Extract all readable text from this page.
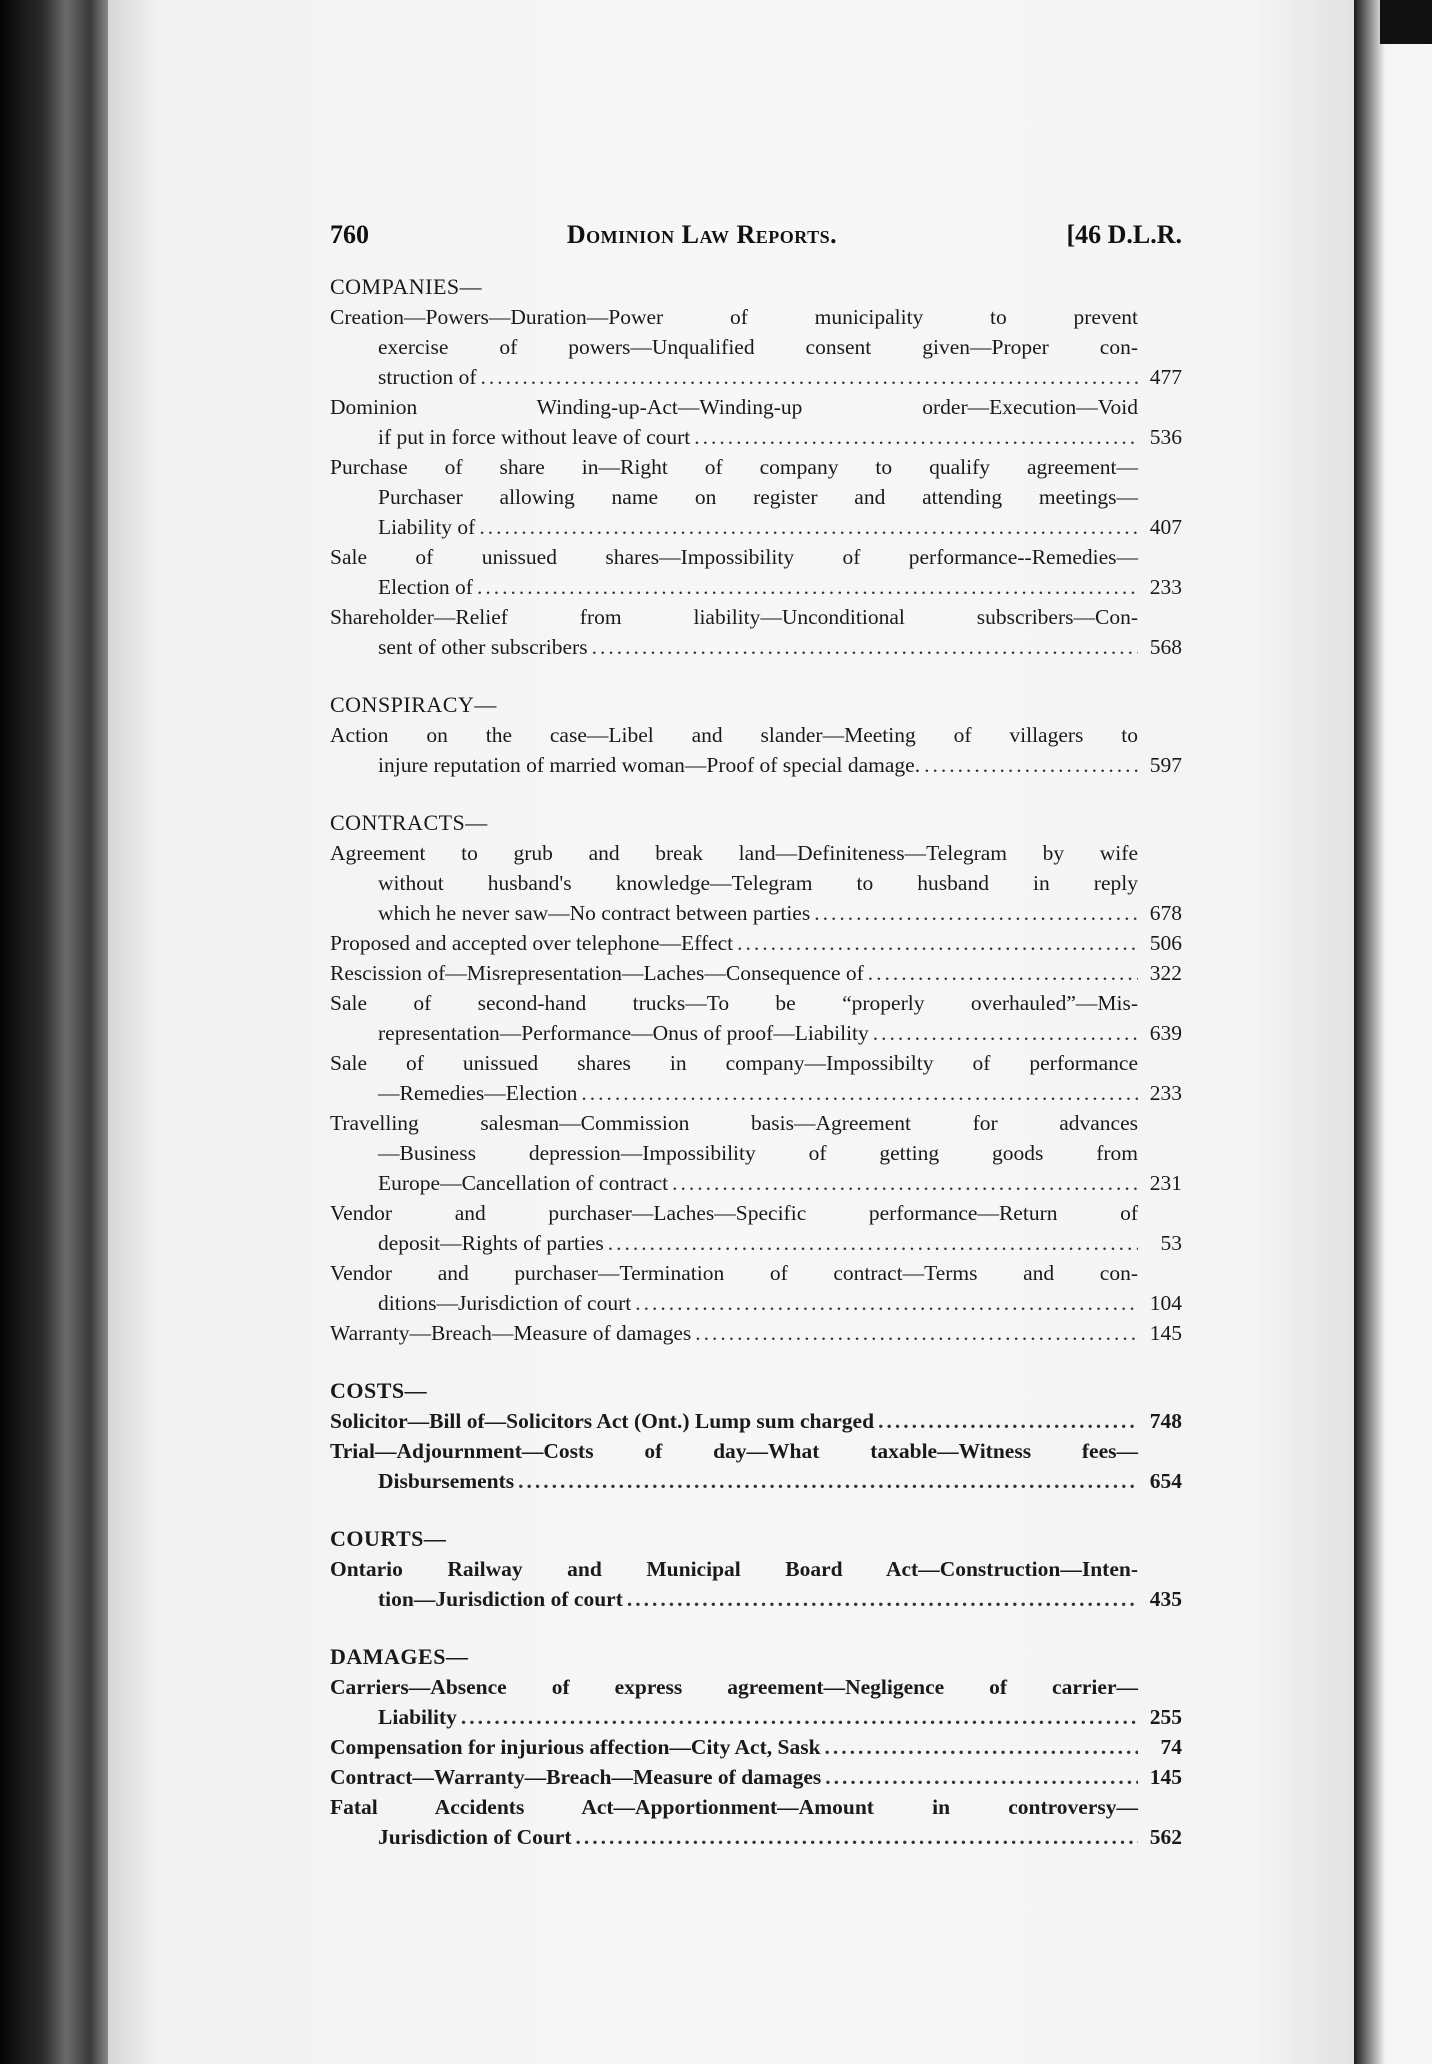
760	Dominion Law Reports.	[46 D.L.R.
COMPANIES—
Creation—Powers—Duration—Power of municipality to prevent
exercise of powers—Unqualified consent given—Proper con-
struction of .....	477
Dominion Winding-up-Act—Winding-up order—Execution—Void
if put in force without leave of court .....	536
Purchase of share in—Right of company to qualify agreement—
Purchaser allowing name on register and attending meetings—
Liability of .....	407
Sale of unissued shares—Impossibility of performance--Remedies—
Election of .....	233
Shareholder—Relief from liability—Unconditional subscribers—Con-
sent of other subscribers .....	568
CONSPIRACY—
Action on the case—Libel and slander—Meeting of villagers to
injure reputation of married woman—Proof of special damage. .....	597
CONTRACTS—
Agreement to grub and break land—Definiteness—Telegram by wife
without husband's knowledge—Telegram to husband in reply
which he never saw—No contract between parties .....	678
Proposed and accepted over telephone—Effect .....	506
Rescission of—Misrepresentation—Laches—Consequence of .....	322
Sale of second-hand trucks—To be “properly overhauled”—Mis-
representation—Performance—Onus of proof—Liability .....	639
Sale of unissued shares in company—Impossibilty of performance
—Remedies—Election .....	233
Travelling salesman—Commission basis—Agreement for advances
—Business depression—Impossibility of getting goods from
Europe—Cancellation of contract .....	231
Vendor and purchaser—Laches—Specific performance—Return of
deposit—Rights of parties .....	53
Vendor and purchaser—Termination of contract—Terms and con-
ditions—Jurisdiction of court .....	104
Warranty—Breach—Measure of damages .....	145
COSTS—
Solicitor—Bill of—Solicitors Act (Ont.) Lump sum charged .....	748
Trial—Adjournment—Costs of day—What taxable—Witness fees—
Disbursements .....	654
COURTS—
Ontario Railway and Municipal Board Act—Construction—Inten-
tion—Jurisdiction of court .....	435
DAMAGES—
Carriers—Absence of express agreement—Negligence of carrier—
Liability .....	255
Compensation for injurious affection—City Act, Sask .....	74
Contract—Warranty—Breach—Measure of damages .....	145
Fatal Accidents Act—Apportionment—Amount in controversy—
Jurisdiction of Court .....	562
